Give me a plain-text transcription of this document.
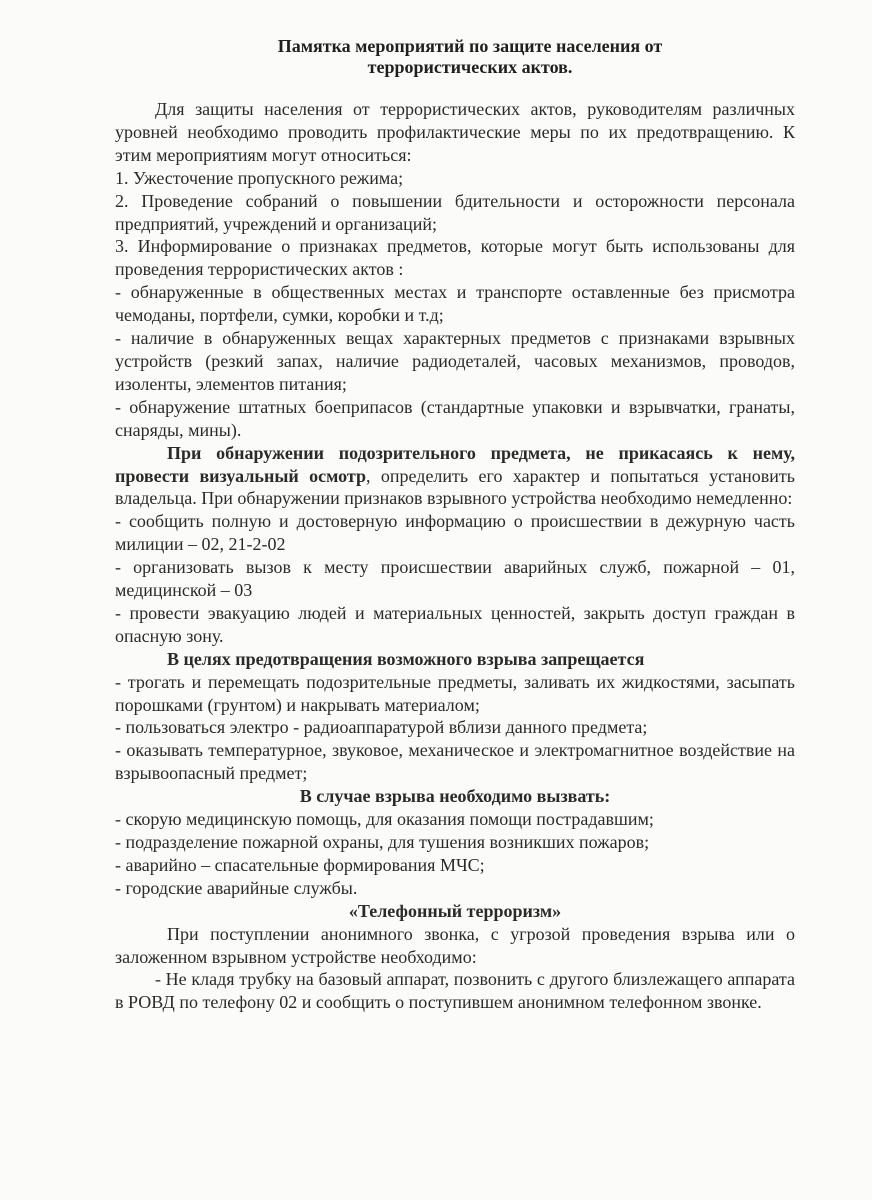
Памятка мероприятий по защите населения от
террористических актов.

Для защиты населения от террористических актов, руководителям различных уровней необходимо проводить профилактические меры по их предотвращению. К этим мероприятиям могут относиться:

1. Ужесточение пропускного режима;

2. Проведение собраний о повышении бдительности и осторожности персонала предприятий, учреждений и организаций;

3. Информирование о признаках предметов, которые могут быть использованы для проведения террористических актов :

- обнаруженные в общественных местах и транспорте оставленные без присмотра чемоданы, портфели, сумки, коробки и т.д;

- наличие в обнаруженных вещах характерных предметов с признаками взрывных устройств (резкий запах, наличие радиодеталей, часовых механизмов, проводов, изоленты, элементов питания;

- обнаружение штатных боеприпасов (стандартные упаковки и взрывчатки, гранаты, снаряды, мины).

При обнаружении подозрительного предмета, не прикасаясь к нему, провести визуальный осмотр, определить его характер и попытаться установить владельца. При обнаружении признаков взрывного устройства необходимо немедленно:

- сообщить полную и достоверную информацию о происшествии в дежурную часть милиции – 02, 21-2-02

- организовать вызов к месту происшествии аварийных служб, пожарной – 01, медицинской – 03

- провести эвакуацию людей и материальных ценностей, закрыть доступ граждан в опасную зону.

В целях предотвращения возможного взрыва запрещается

- трогать и перемещать подозрительные предметы, заливать их жидкостями, засыпать порошками (грунтом) и накрывать материалом;

- пользоваться электро - радиоаппаратурой вблизи данного предмета;

- оказывать температурное, звуковое, механическое и электромагнитное воздействие на взрывоопасный предмет;

В случае взрыва необходимо вызвать:

- скорую медицинскую помощь, для оказания помощи пострадавшим;

- подразделение пожарной охраны, для тушения возникших пожаров;

- аварийно – спасательные формирования МЧС;

- городские аварийные службы.

«Телефонный терроризм»

При поступлении анонимного звонка, с угрозой проведения взрыва или о заложенном взрывном устройстве необходимо:

- Не кладя трубку на базовый аппарат, позвонить с другого близлежащего аппарата в РОВД по телефону 02 и сообщить о поступившем анонимном телефонном звонке.
